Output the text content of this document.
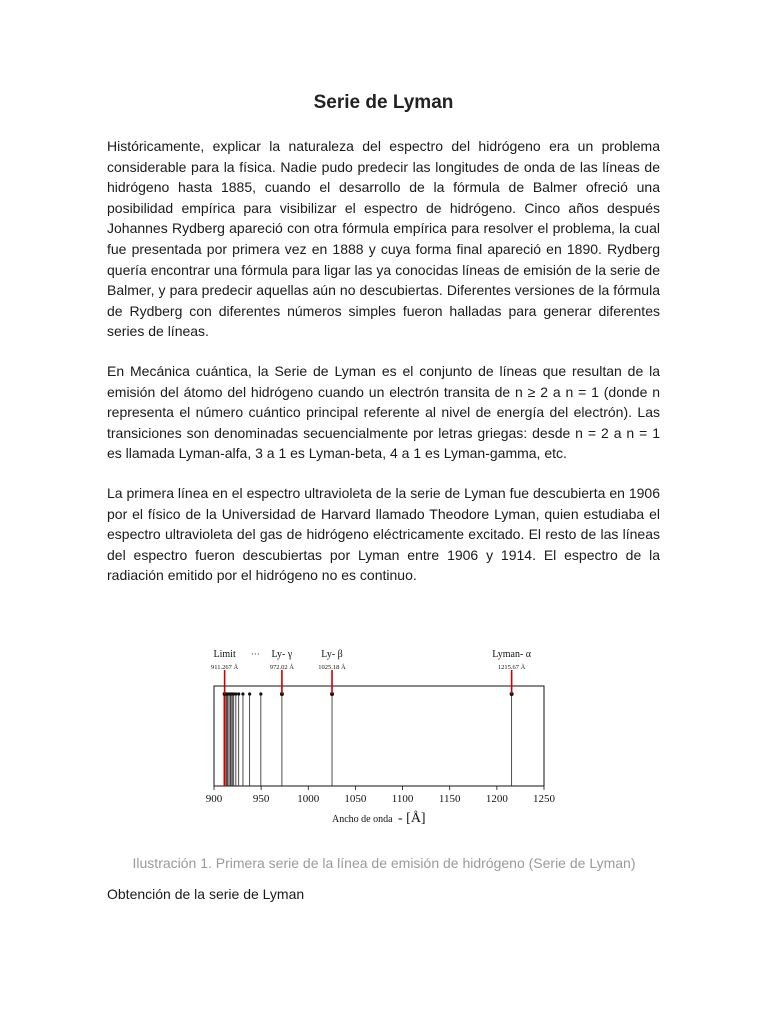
Serie de Lyman

Históricamente, explicar la naturaleza del espectro del hidrógeno era un problema considerable para la física. Nadie pudo predecir las longitudes de onda de las líneas de hidrógeno hasta 1885, cuando el desarrollo de la fórmula de Balmer ofreció una posibilidad empírica para visibilizar el espectro de hidrógeno. Cinco años después Johannes Rydberg apareció con otra fórmula empírica para resolver el problema, la cual fue presentada por primera vez en 1888 y cuya forma final apareció en 1890. Rydberg quería encontrar una fórmula para ligar las ya conocidas líneas de emisión de la serie de Balmer, y para predecir aquellas aún no descubiertas. Diferentes versiones de la fórmula de Rydberg con diferentes números simples fueron halladas para generar diferentes series de líneas.

En Mecánica cuántica, la Serie de Lyman es el conjunto de líneas que resultan de la emisión del átomo del hidrógeno cuando un electrón transita de n ≥ 2 a n = 1 (donde n representa el número cuántico principal referente al nivel de energía del electrón). Las transiciones son denominadas secuencialmente por letras griegas: desde n = 2 a n = 1 es llamada Lyman-alfa, 3 a 1 es Lyman-beta, 4 a 1 es Lyman-gamma, etc.

La primera línea en el espectro ultravioleta de la serie de Lyman fue descubierta en 1906 por el físico de la Universidad de Harvard llamado Theodore Lyman, quien estudiaba el espectro ultravioleta del gas de hidrógeno eléctricamente excitado. El resto de las líneas del espectro fueron descubiertas por Lyman entre 1906 y 1914. El espectro de la radiación emitido por el hidrógeno no es continuo.

900	950	1000 1050 1100 1150 1200 1250
Limit
911.267 Å
Ly- γ
972.02 Å
Ly- β
1025.18 Å
Lyman- α
1215.67 Å
···
Ancho de onda - [Å]
Ilustración 1. Primera serie de la línea de emisión de hidrógeno (Serie de Lyman)
Obtención de la serie de Lyman
